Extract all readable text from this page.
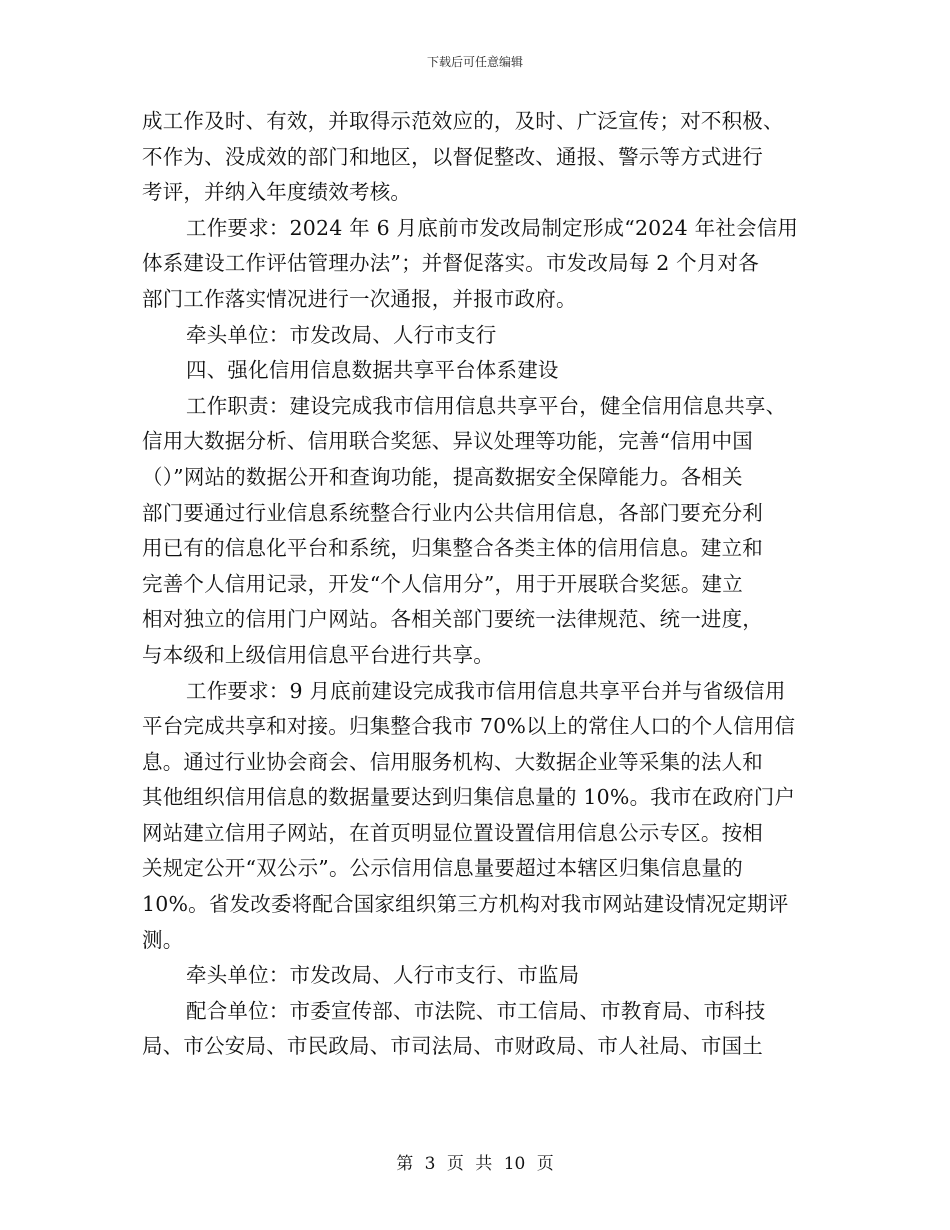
下载后可任意编辑
成工作及时、有效，并取得示范效应的，及时、广泛宣传；对不积极、
不作为、没成效的部门和地区，以督促整改、通报、警示等方式进行
考评，并纳入年度绩效考核。
工作要求：2024 年 6 月底前市发改局制定形成“2024 年社会信用
体系建设工作评估管理办法”；并督促落实。市发改局每 2 个月对各
部门工作落实情况进行一次通报，并报市政府。
牵头单位：市发改局、人行市支行
四、强化信用信息数据共享平台体系建设
工作职责：建设完成我市信用信息共享平台，健全信用信息共享、
信用大数据分析、信用联合奖惩、异议处理等功能，完善“信用中国
（）”网站的数据公开和查询功能，提高数据安全保障能力。各相关
部门要通过行业信息系统整合行业内公共信用信息，各部门要充分利
用已有的信息化平台和系统，归集整合各类主体的信用信息。建立和
完善个人信用记录，开发“个人信用分”，用于开展联合奖惩。建立
相对独立的信用门户网站。各相关部门要统一法律规范、统一进度，
与本级和上级信用信息平台进行共享。
工作要求：9 月底前建设完成我市信用信息共享平台并与省级信用
平台完成共享和对接。归集整合我市 70%以上的常住人口的个人信用信
息。通过行业协会商会、信用服务机构、大数据企业等采集的法人和
其他组织信用信息的数据量要达到归集信息量的 10%。我市在政府门户
网站建立信用子网站，在首页明显位置设置信用信息公示专区。按相
关规定公开“双公示”。公示信用信息量要超过本辖区归集信息量的
10%。省发改委将配合国家组织第三方机构对我市网站建设情况定期评
测。
牵头单位：市发改局、人行市支行、市监局
配合单位：市委宣传部、市法院、市工信局、市教育局、市科技
局、市公安局、市民政局、市司法局、市财政局、市人社局、市国土
第 3 页 共 10 页
